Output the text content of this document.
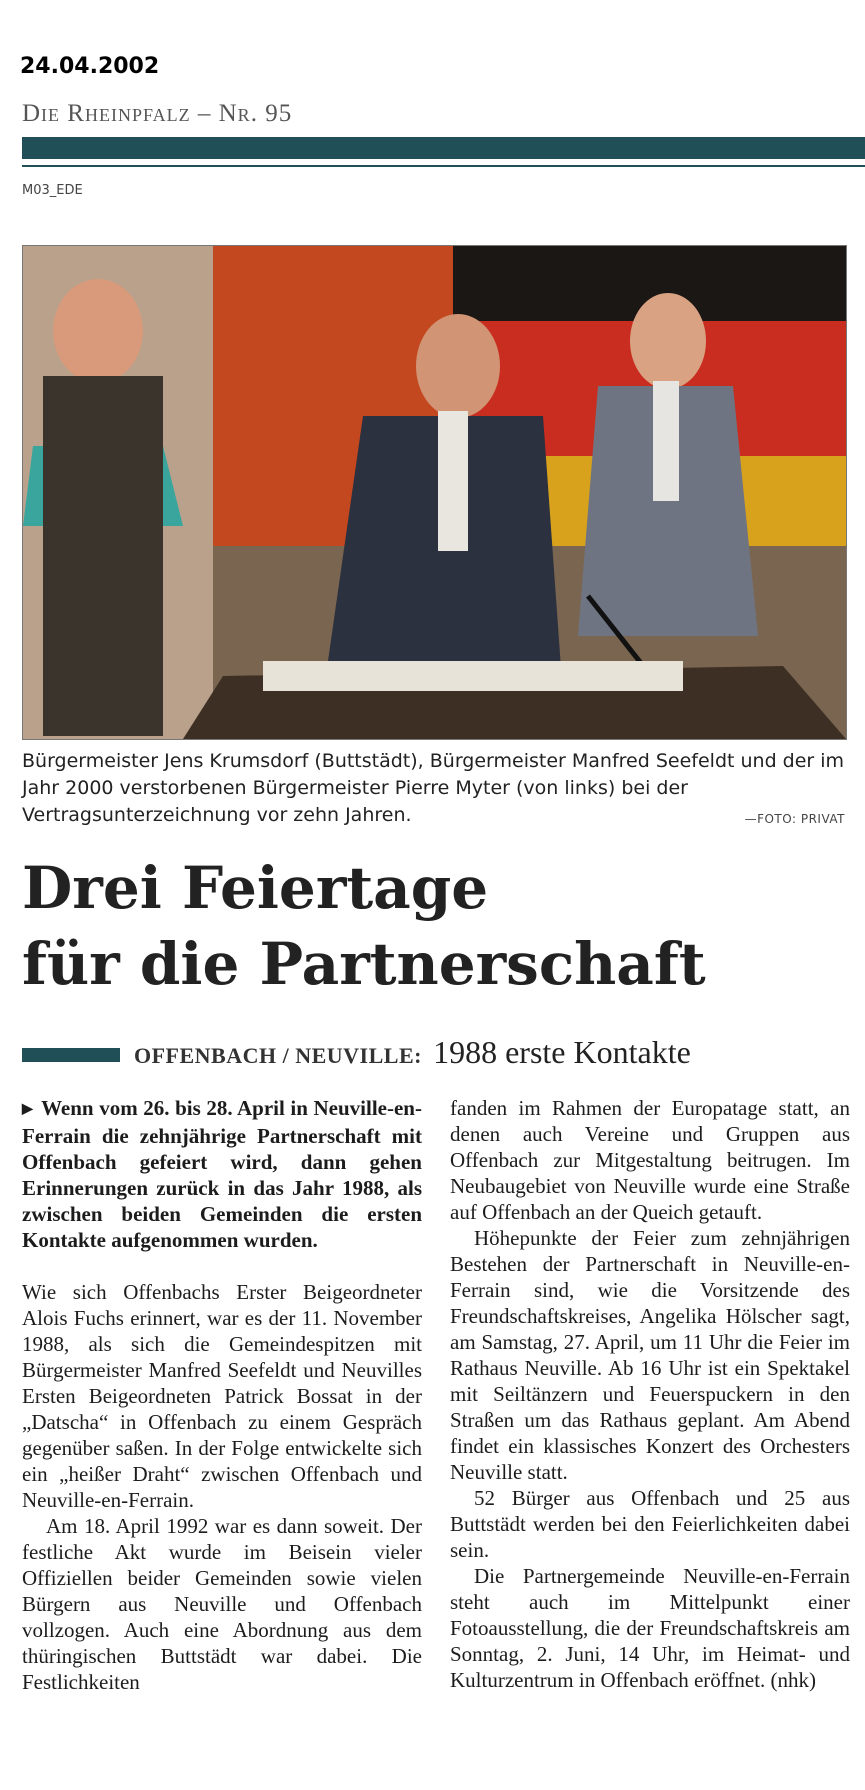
24.04.2002
Die Rheinpfalz – Nr. 95
M03_EDE
Bürgermeister Jens Krumsdorf (Buttstädt), Bürgermeister Manfred Seefeldt und der im Jahr 2000 verstorbenen Bürgermeister Pierre Myter (von links) bei der Vertragsunterzeichnung vor zehn Jahren.	—FOTO: PRIVAT
Drei Feiertage
für die Partnerschaft
OFFENBACH / NEUVILLE: 1988 erste Kontakte

▶ Wenn vom 26. bis 28. April in Neuville-en-Ferrain die zehnjährige Partnerschaft mit Offenbach gefeiert wird, dann gehen Erinnerungen zurück in das Jahr 1988, als zwischen beiden Gemeinden die ersten Kontakte aufgenommen wurden.

Wie sich Offenbachs Erster Beigeordneter Alois Fuchs erinnert, war es der 11. November 1988, als sich die Gemeindespitzen mit Bürgermeister Manfred Seefeldt und Neuvilles Ersten Beigeordneten Patrick Bossat in der „Datscha“ in Offenbach zu einem Gespräch gegenüber saßen. In der Folge entwickelte sich ein „heißer Draht“ zwischen Offenbach und Neuville-en-Ferrain.

Am 18. April 1992 war es dann soweit. Der festliche Akt wurde im Beisein vieler Offiziellen beider Gemeinden sowie vielen Bürgern aus Neuville und Offenbach vollzogen. Auch eine Abordnung aus dem thüringischen Buttstädt war dabei. Die Festlichkeiten

fanden im Rahmen der Europatage statt, an denen auch Vereine und Gruppen aus Offenbach zur Mitgestaltung beitrugen. Im Neubaugebiet von Neuville wurde eine Straße auf Offenbach an der Queich getauft.

Höhepunkte der Feier zum zehnjährigen Bestehen der Partnerschaft in Neuville-en-Ferrain sind, wie die Vorsitzende des Freundschaftskreises, Angelika Hölscher sagt, am Samstag, 27. April, um 11 Uhr die Feier im Rathaus Neuville. Ab 16 Uhr ist ein Spektakel mit Seiltänzern und Feuerspuckern in den Straßen um das Rathaus geplant. Am Abend findet ein klassisches Konzert des Orchesters Neuville statt.

52 Bürger aus Offenbach und 25 aus Buttstädt werden bei den Feierlichkeiten dabei sein.

Die Partnergemeinde Neuville-en-Ferrain steht auch im Mittelpunkt einer Fotoausstellung, die der Freundschaftskreis am Sonntag, 2. Juni, 14 Uhr, im Heimat- und Kulturzentrum in Offenbach eröffnet. (nhk)
